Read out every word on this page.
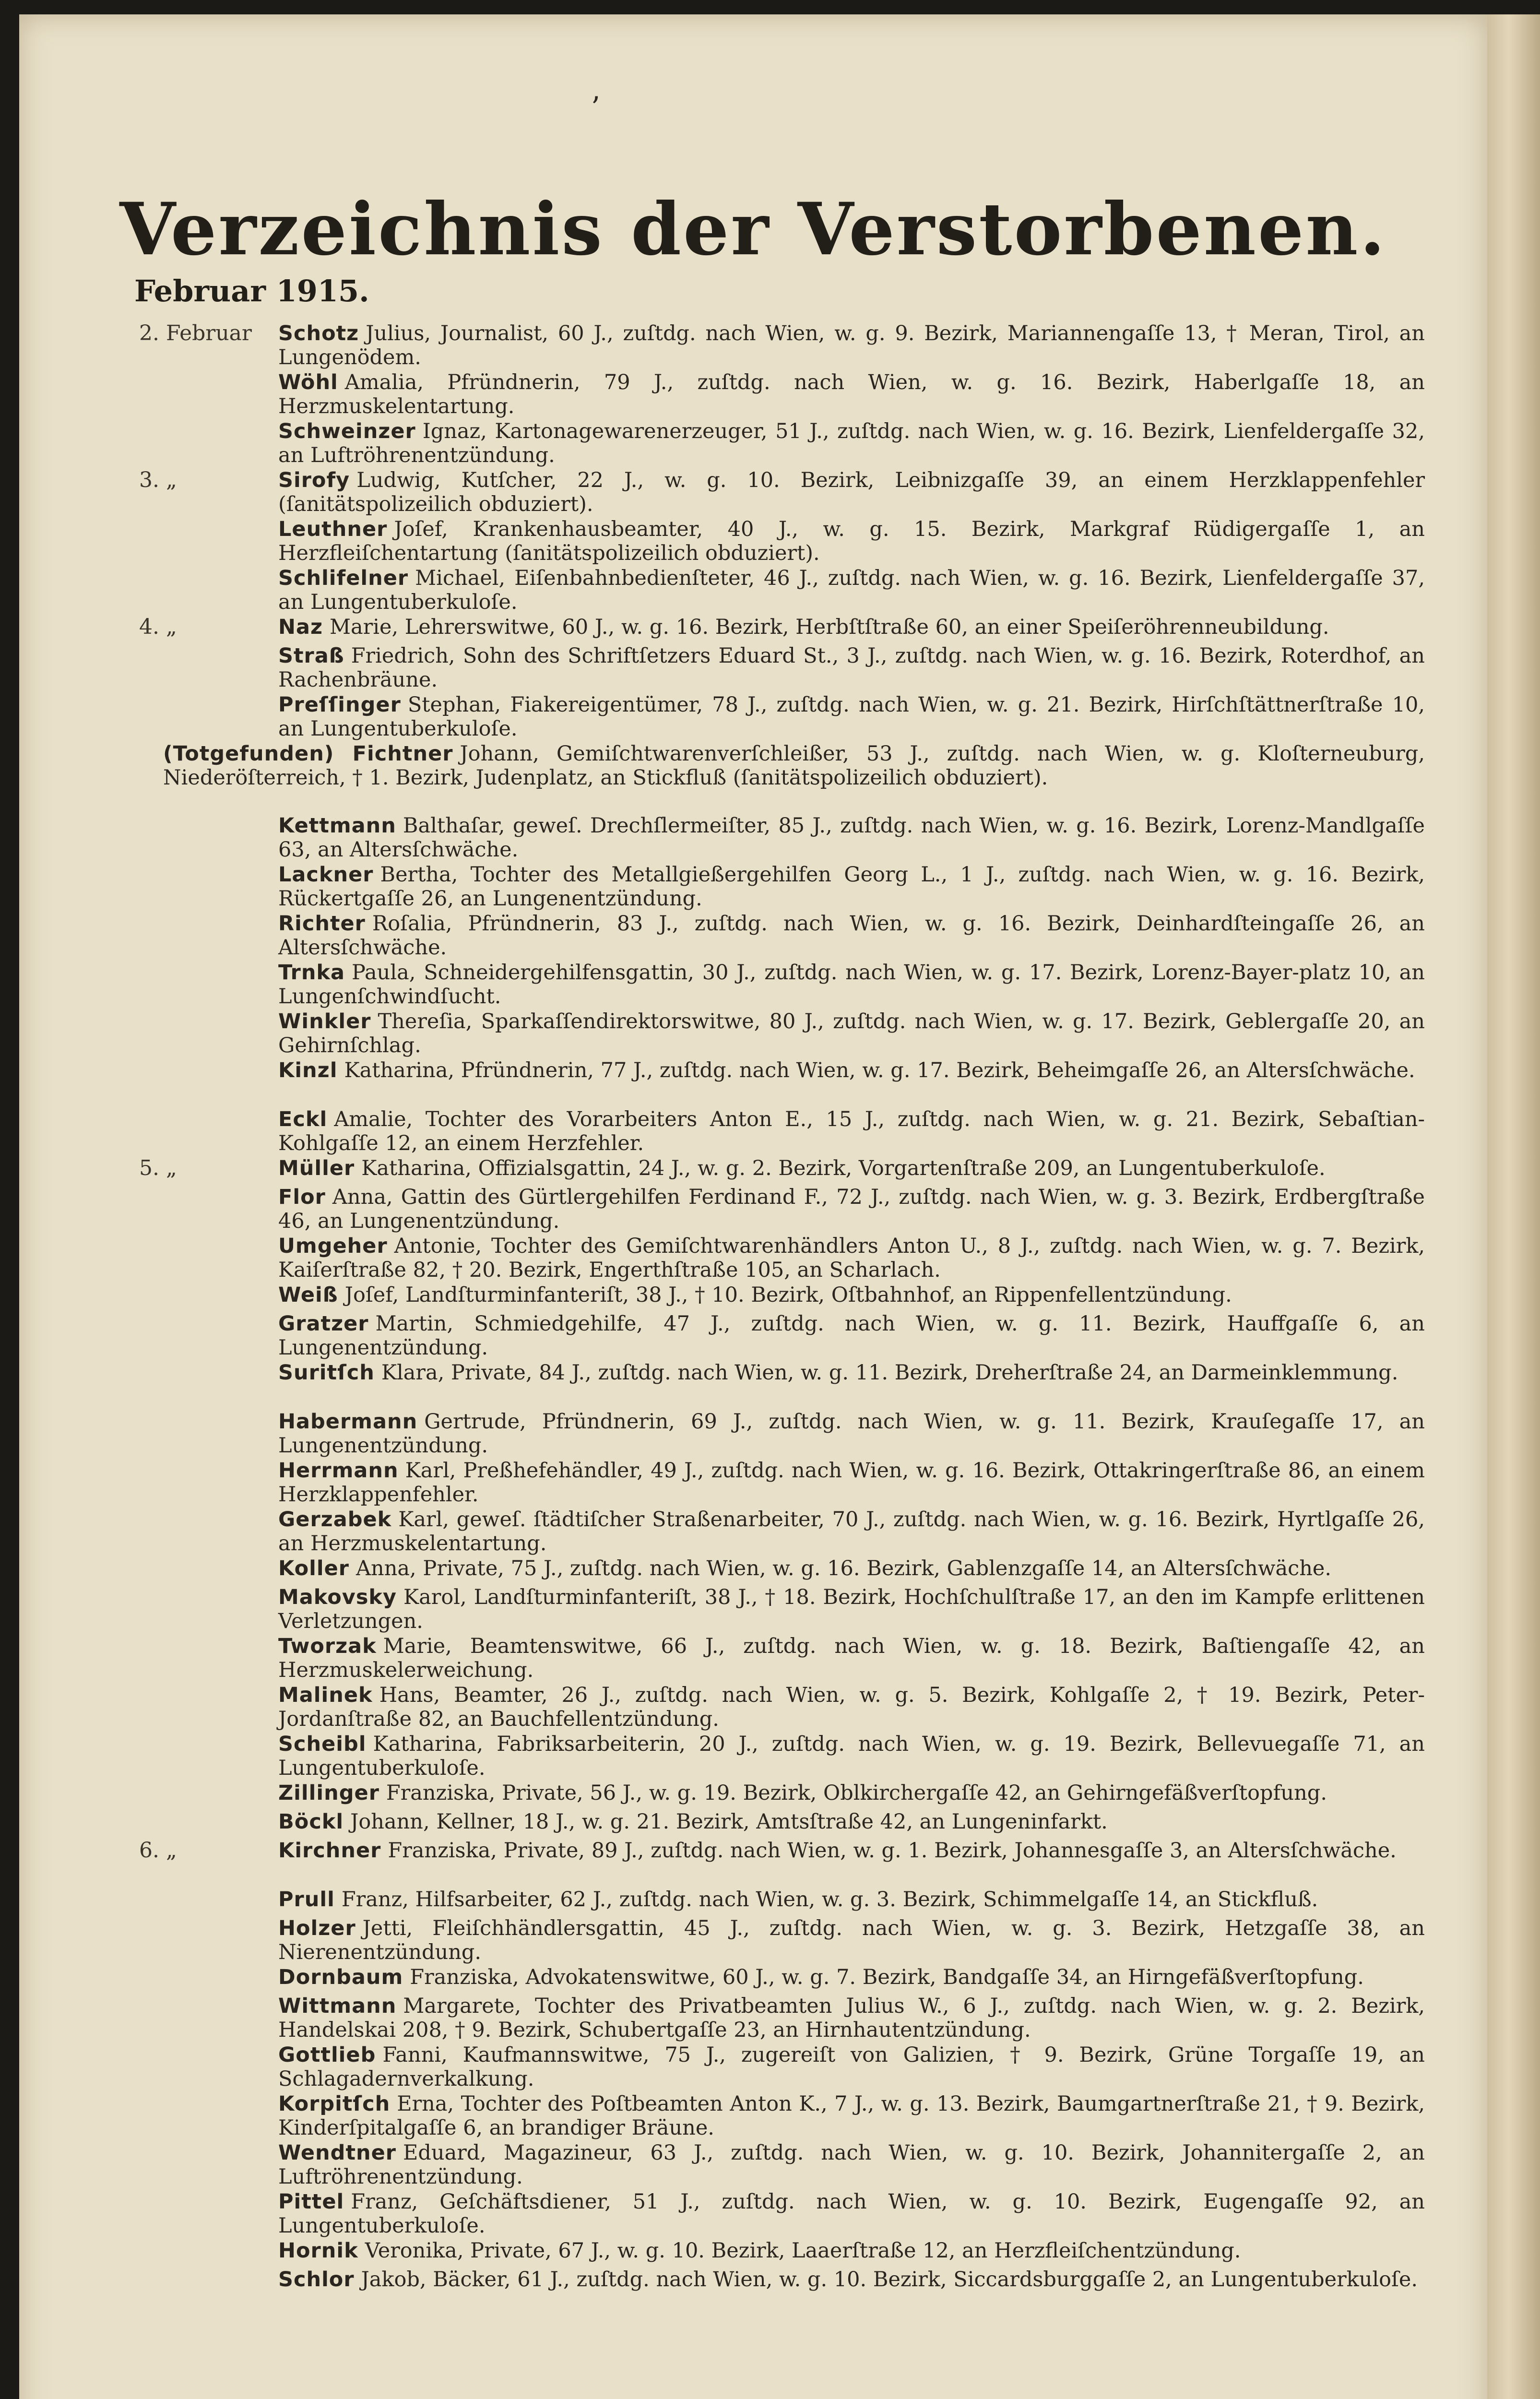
ʼ
Verzeichnis der Verstorbenen.
Februar 1915.
2. Februar Schotz Julius, Journalist, 60 J., zuſtdg. nach Wien, w. g. 9. Bezirk, Mariannengaſſe 13, † Meran, Tirol, an Lungenödem.
Wöhl Amalia, Pfründnerin, 79 J., zuſtdg. nach Wien, w. g. 16. Bezirk, Haberlgaſſe 18, an Herzmuskelentartung.
Schweinzer Ignaz, Kartonagewarenerzeuger, 51 J., zuſtdg. nach Wien, w. g. 16. Bezirk, Lienfeldergaſſe 32, an Luftröhrenentzündung.
3. „	Sirofy Ludwig, Kutſcher, 22 J., w. g. 10. Bezirk, Leibnizgaſſe 39, an einem Herzklappenfehler (ſanitätspolizeilich obduziert).
Leuthner Joſef, Krankenhausbeamter, 40 J., w. g. 15. Bezirk, Markgraf Rüdigergaſſe 1, an Herzfleiſchentartung (ſanitätspolizeilich obduziert).
Schlifelner Michael, Eiſenbahnbedienſteter, 46 J., zuſtdg. nach Wien, w. g. 16. Bezirk, Lienfeldergaſſe 37, an Lungentuberkuloſe.
4. „	Naz Marie, Lehrerswitwe, 60 J., w. g. 16. Bezirk, Herbſtſtraße 60, an einer Speiſeröhrenneubildung.
Straß Friedrich, Sohn des Schriftſetzers Eduard St., 3 J., zuſtdg. nach Wien, w. g. 16. Bezirk, Roterdhof, an Rachenbräune.
Preſſinger Stephan, Fiakereigentümer, 78 J., zuſtdg. nach Wien, w. g. 21. Bezirk, Hirſchſtättnerſtraße 10, an Lungentuberkuloſe.
(Totgefunden) Fichtner Johann, Gemiſchtwarenverſchleißer, 53 J., zuſtdg. nach Wien, w. g. Kloſterneuburg, Niederöſterreich, † 1. Bezirk, Judenplatz, an Stickfluß (ſanitätspolizeilich obduziert).
Kettmann Balthaſar, geweſ. Drechſlermeiſter, 85 J., zuſtdg. nach Wien, w. g. 16. Bezirk, Lorenz-Mandlgaſſe 63, an Altersſchwäche.
Lackner Bertha, Tochter des Metallgießergehilfen Georg L., 1 J., zuſtdg. nach Wien, w. g. 16. Bezirk, Rückertgaſſe 26, an Lungenentzündung.
Richter Roſalia, Pfründnerin, 83 J., zuſtdg. nach Wien, w. g. 16. Bezirk, Deinhardſteingaſſe 26, an Altersſchwäche.
Trnka Paula, Schneidergehilfensgattin, 30 J., zuſtdg. nach Wien, w. g. 17. Bezirk, Lorenz-Bayer-platz 10, an Lungenſchwindſucht.
Winkler Thereſia, Sparkaſſendirektorswitwe, 80 J., zuſtdg. nach Wien, w. g. 17. Bezirk, Geblergaſſe 20, an Gehirnſchlag.
Kinzl Katharina, Pfründnerin, 77 J., zuſtdg. nach Wien, w. g. 17. Bezirk, Beheimgaſſe 26, an Altersſchwäche.
Eckl Amalie, Tochter des Vorarbeiters Anton E., 15 J., zuſtdg. nach Wien, w. g. 21. Bezirk, Sebaſtian-Kohlgaſſe 12, an einem Herzfehler.
5. „	Müller Katharina, Offizialsgattin, 24 J., w. g. 2. Bezirk, Vorgartenſtraße 209, an Lungentuberkuloſe.
Flor Anna, Gattin des Gürtlergehilfen Ferdinand F., 72 J., zuſtdg. nach Wien, w. g. 3. Bezirk, Erdbergſtraße 46, an Lungenentzündung.
Umgeher Antonie, Tochter des Gemiſchtwarenhändlers Anton U., 8 J., zuſtdg. nach Wien, w. g. 7. Bezirk, Kaiſerſtraße 82, † 20. Bezirk, Engerthſtraße 105, an Scharlach.
Weiß Joſef, Landſturminfanteriſt, 38 J., † 10. Bezirk, Oſtbahnhof, an Rippenfellentzündung.
Gratzer Martin, Schmiedgehilfe, 47 J., zuſtdg. nach Wien, w. g. 11. Bezirk, Hauffgaſſe 6, an Lungenentzündung.
Suritſch Klara, Private, 84 J., zuſtdg. nach Wien, w. g. 11. Bezirk, Dreherſtraße 24, an Darmeinklemmung.
Habermann Gertrude, Pfründnerin, 69 J., zuſtdg. nach Wien, w. g. 11. Bezirk, Krauſegaſſe 17, an Lungenentzündung.
Herrmann Karl, Preßhefehändler, 49 J., zuſtdg. nach Wien, w. g. 16. Bezirk, Ottakringerſtraße 86, an einem Herzklappenfehler.
Gerzabek Karl, geweſ. ſtädtiſcher Straßenarbeiter, 70 J., zuſtdg. nach Wien, w. g. 16. Bezirk, Hyrtlgaſſe 26, an Herzmuskelentartung.
Koller Anna, Private, 75 J., zuſtdg. nach Wien, w. g. 16. Bezirk, Gablenzgaſſe 14, an Altersſchwäche.
Makovsky Karol, Landſturminfanteriſt, 38 J., † 18. Bezirk, Hochſchulſtraße 17, an den im Kampfe erlittenen Verletzungen.
Tworzak Marie, Beamtenswitwe, 66 J., zuſtdg. nach Wien, w. g. 18. Bezirk, Baſtiengaſſe 42, an Herzmuskelerweichung.
Malinek Hans, Beamter, 26 J., zuſtdg. nach Wien, w. g. 5. Bezirk, Kohlgaſſe 2, † 19. Bezirk, Peter-Jordanſtraße 82, an Bauchfellentzündung.
Scheibl Katharina, Fabriksarbeiterin, 20 J., zuſtdg. nach Wien, w. g. 19. Bezirk, Bellevuegaſſe 71, an Lungentuberkuloſe.
Zillinger Franziska, Private, 56 J., w. g. 19. Bezirk, Oblkirchergaſſe 42, an Gehirngefäßverſtopfung.
Böckl Johann, Kellner, 18 J., w. g. 21. Bezirk, Amtsſtraße 42, an Lungeninfarkt.
6. „	Kirchner Franziska, Private, 89 J., zuſtdg. nach Wien, w. g. 1. Bezirk, Johannesgaſſe 3, an Altersſchwäche.
Prull Franz, Hilfsarbeiter, 62 J., zuſtdg. nach Wien, w. g. 3. Bezirk, Schimmelgaſſe 14, an Stickfluß.
Holzer Jetti, Fleiſchhändlersgattin, 45 J., zuſtdg. nach Wien, w. g. 3. Bezirk, Hetzgaſſe 38, an Nierenentzündung.
Dornbaum Franziska, Advokatenswitwe, 60 J., w. g. 7. Bezirk, Bandgaſſe 34, an Hirngefäßverſtopfung.
Wittmann Margarete, Tochter des Privatbeamten Julius W., 6 J., zuſtdg. nach Wien, w. g. 2. Bezirk, Handelskai 208, † 9. Bezirk, Schubertgaſſe 23, an Hirnhautentzündung.
Gottlieb Fanni, Kaufmannswitwe, 75 J., zugereiſt von Galizien, † 9. Bezirk, Grüne Torgaſſe 19, an Schlagadernverkalkung.
Korpitſch Erna, Tochter des Poſtbeamten Anton K., 7 J., w. g. 13. Bezirk, Baumgartnerſtraße 21, † 9. Bezirk, Kinderſpitalgaſſe 6, an brandiger Bräune.
Wendtner Eduard, Magazineur, 63 J., zuſtdg. nach Wien, w. g. 10. Bezirk, Johannitergaſſe 2, an Luftröhrenentzündung.
Pittel Franz, Geſchäftsdiener, 51 J., zuſtdg. nach Wien, w. g. 10. Bezirk, Eugengaſſe 92, an Lungentuberkuloſe.
Hornik Veronika, Private, 67 J., w. g. 10. Bezirk, Laaerſtraße 12, an Herzfleiſchentzündung.
Schlor Jakob, Bäcker, 61 J., zuſtdg. nach Wien, w. g. 10. Bezirk, Siccardsburggaſſe 2, an Lungentuberkuloſe.
